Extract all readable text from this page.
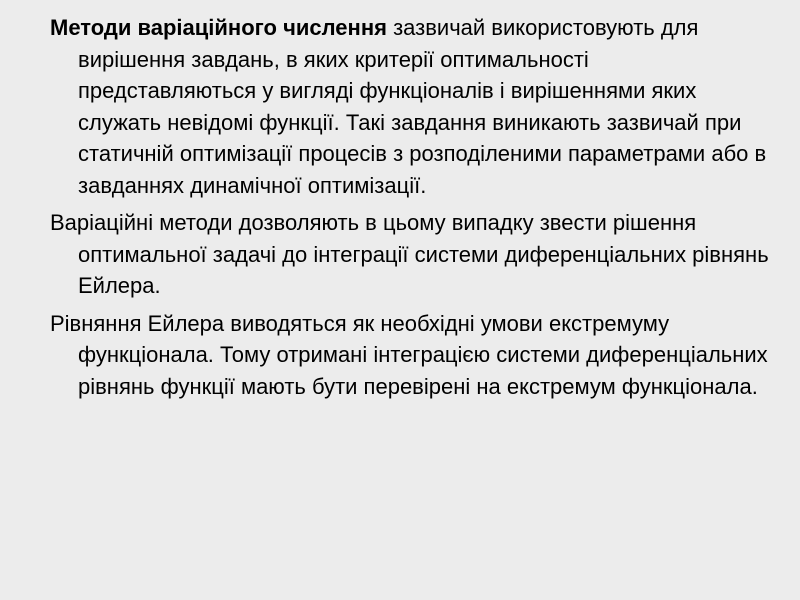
Методи варіаційного числення зазвичай використовують для вирішення завдань, в яких критерії оптимальності представляються у вигляді функціоналів і вирішеннями яких служать невідомі функції. Такі завдання виникають зазвичай при статичній оптимізації процесів з розподіленими параметрами або в завданнях динамічної оптимізації.

Варіаційні методи дозволяють в цьому випадку звести рішення оптимальної задачі до інтеграції системи диференціальних рівнянь Ейлера.

Рівняння Ейлера виводяться як необхідні умови екстремуму функціонала. Тому отримані інтеграцією системи диференціальних рівнянь функції мають бути перевірені на екстремум функціонала.
